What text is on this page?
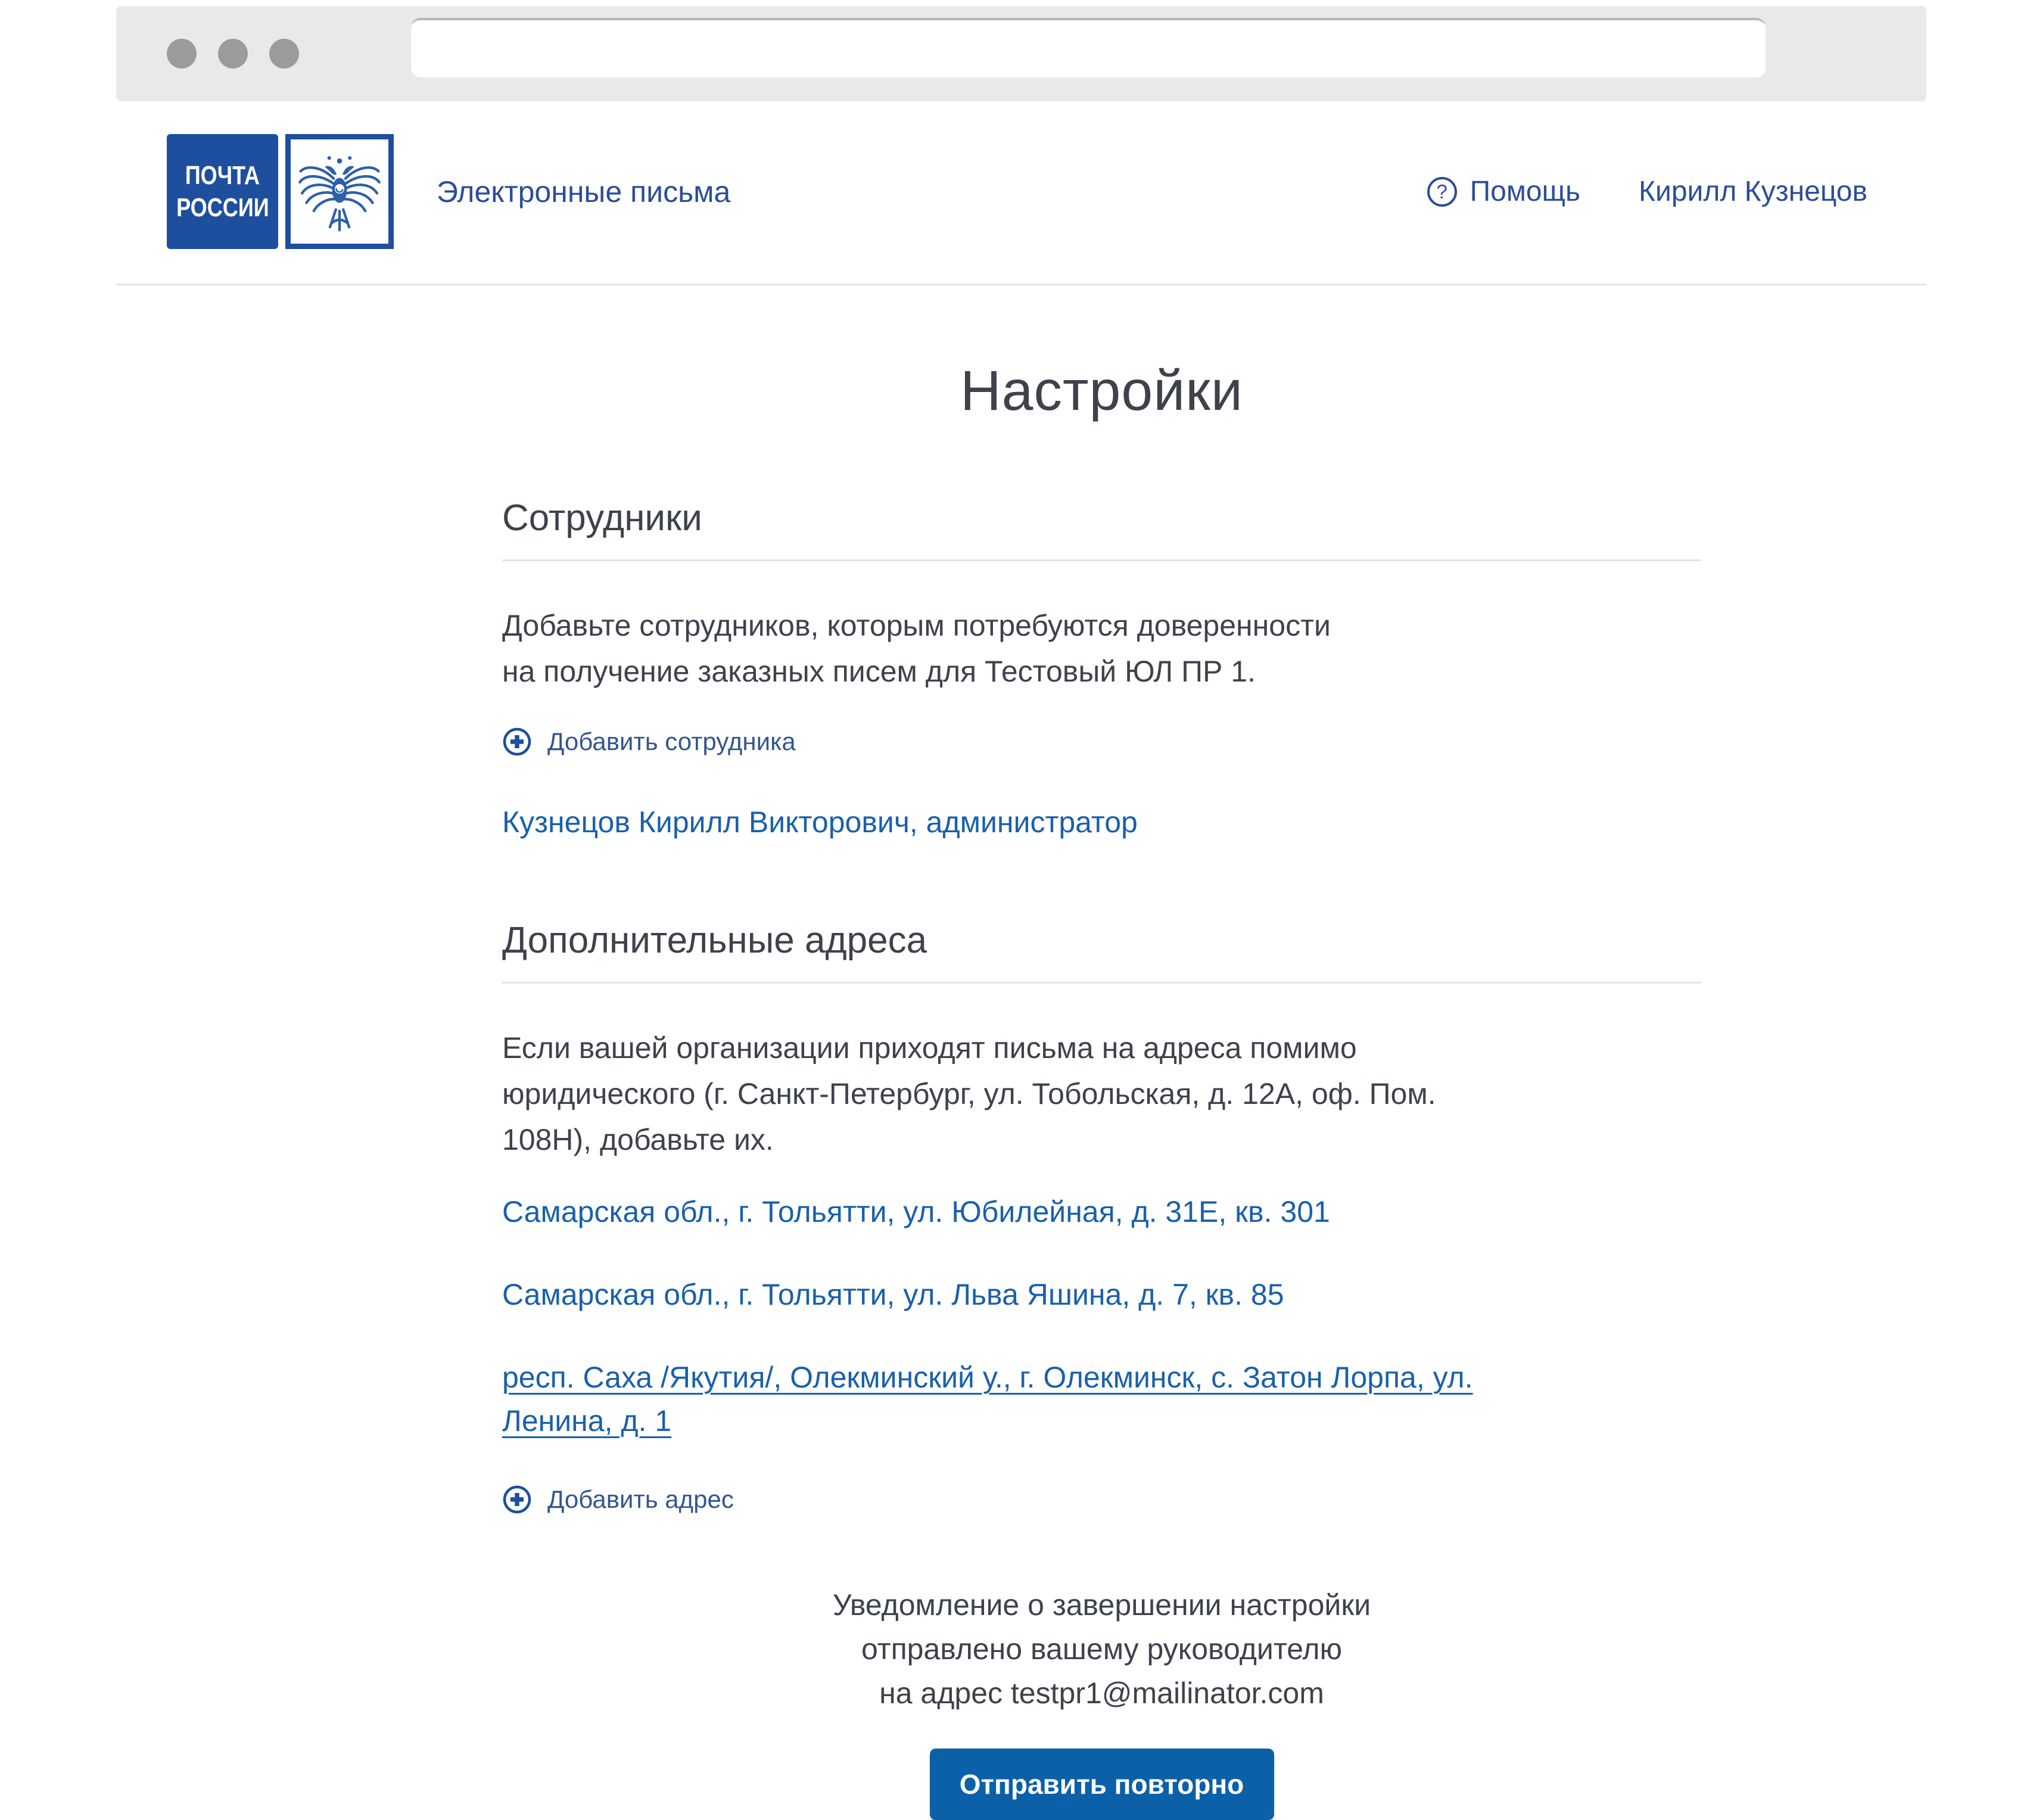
ПОЧТА
РОССИИ	Электронные письма	? Помощь Кирилл Кузнецов
Настройки
Сотрудники

Добавьте сотрудников, которым потребуются доверенности
на получение заказных писем для Тестовый ЮЛ ПР 1.

Добавить сотрудника
Кузнецов Кирилл Викторович, администратор
Дополнительные адреса

Если вашей организации приходят письма на адреса помимо
юридического (г. Санкт-Петербург, ул. Тобольская, д. 12А, оф. Пом.
108Н), добавьте их.

Самарская обл., г. Тольятти, ул. Юбилейная, д. 31Е, кв. 301
Самарская обл., г. Тольятти, ул. Льва Яшина, д. 7, кв. 85
респ. Саха /Якутия/, Олекминский у., г. Олекминск, с. Затон Лорпа, ул.
Ленина, д. 1
Добавить адрес
Уведомление о завершении настройки
отправлено вашему руководителю
на адрес testpr1@mailinator.com
Отправить повторно
